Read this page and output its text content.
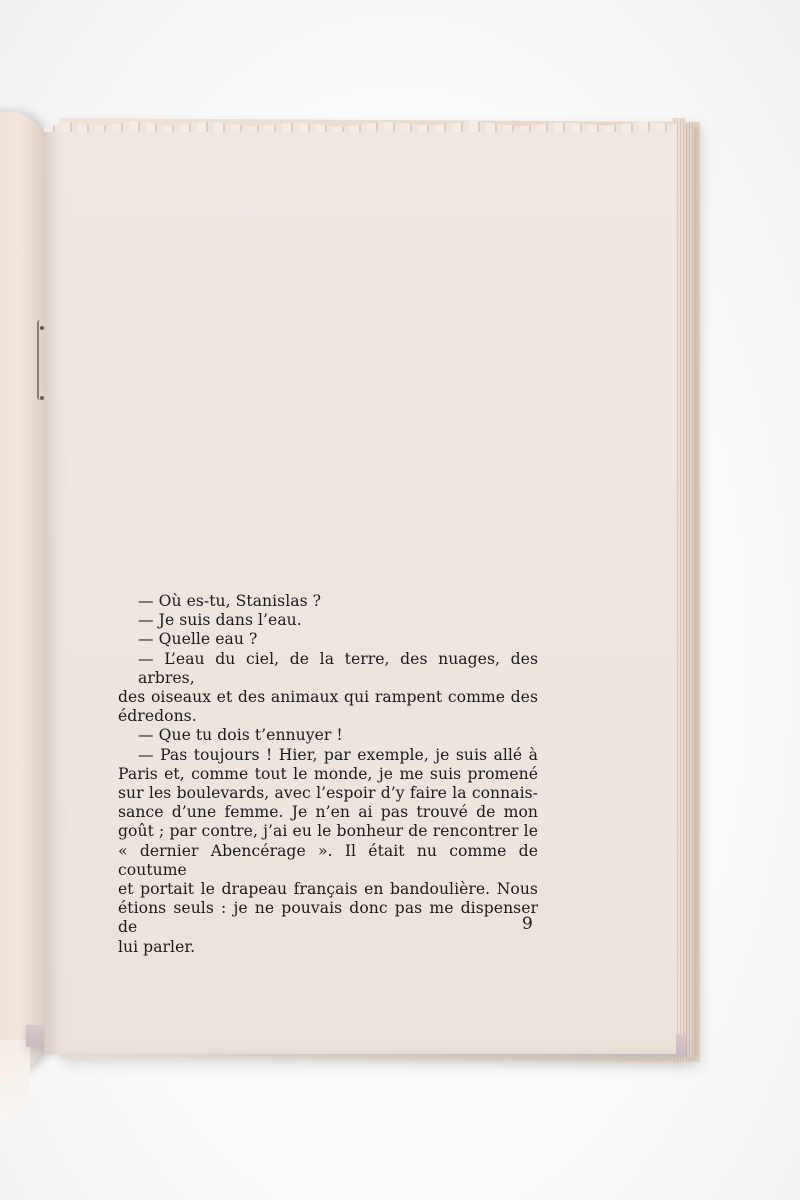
— Où es-tu, Stanislas ?
— Je suis dans l’eau.
— Quelle eau ?
— L’eau du ciel, de la terre, des nuages, des arbres,
des oiseaux et des animaux qui rampent comme des
édredons.
— Que tu dois t’ennuyer !
— Pas toujours ! Hier, par exemple, je suis allé à
Paris et, comme tout le monde, je me suis promené
sur les boulevards, avec l’espoir d’y faire la connais-
sance d’une femme. Je n’en ai pas trouvé de mon
goût ; par contre, j’ai eu le bonheur de rencontrer le
« dernier Abencérage ». Il était nu comme de coutume
et portait le drapeau français en bandoulière. Nous
étions seuls : je ne pouvais donc pas me dispenser de
lui parler.
9
